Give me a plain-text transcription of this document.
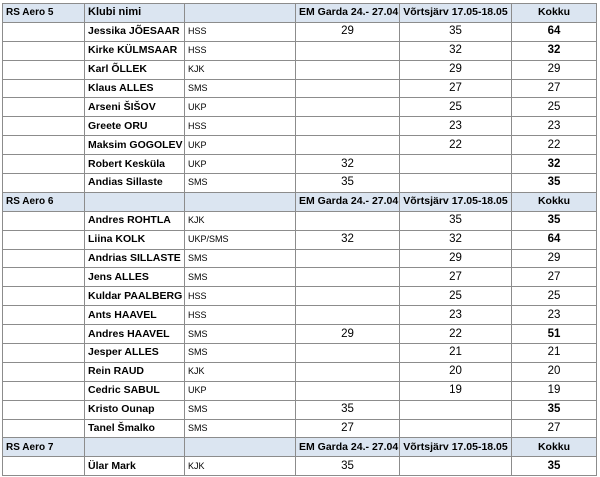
RS Aero 5	Klubi nimi		EM Garda 24.- 27.04	Võrtsjärv 17.05-18.05	Kokku
	Jessika JÕESAAR	HSS	29	35	64
	Kirke KÜLMSAAR	HSS		32	32
	Karl ÕLLEK	KJK		29	29
	Klaus ALLES	SMS		27	27
	Arseni ŠIŠOV	UKP		25	25
	Greete ORU	HSS		23	23
	Maksim GOGOLEV	UKP		22	22
	Robert Kesküla	UKP	32		32
	Andias Sillaste	SMS	35		35
RS Aero 6			EM Garda 24.- 27.04	Võrtsjärv 17.05-18.05	Kokku
	Andres ROHTLA	KJK		35	35
	Liina KOLK	UKP/SMS	32	32	64
	Andrias SILLASTE	SMS		29	29
	Jens ALLES	SMS		27	27
	Kuldar PAALBERG	HSS		25	25
	Ants HAAVEL	HSS		23	23
	Andres HAAVEL	SMS	29	22	51
	Jesper ALLES	SMS		21	21
	Rein RAUD	KJK		20	20
	Cedric SABUL	UKP		19	19
	Kristo Ounap	SMS	35		35
	Tanel Šmalko	SMS	27		27
RS Aero 7			EM Garda 24.- 27.04	Võrtsjärv 17.05-18.05	Kokku
	Ülar Mark	KJK	35		35
